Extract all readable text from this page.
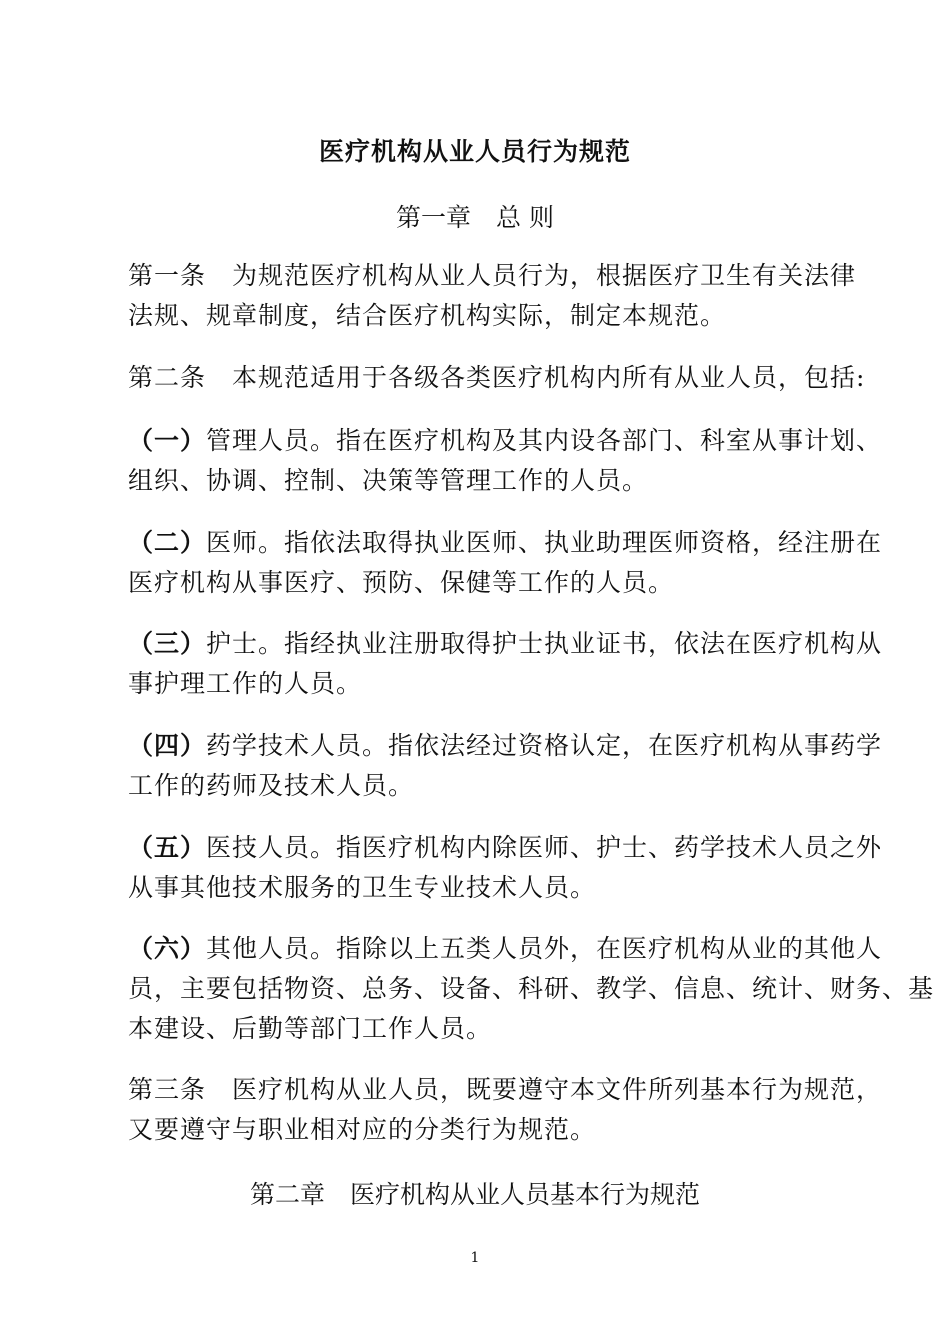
医疗机构从业人员行为规范
第一章　总 则
第一条 为规范医疗机构从业人员行为，根据医疗卫生有关法律
法规、规章制度，结合医疗机构实际，制定本规范。
第二条 本规范适用于各级各类医疗机构内所有从业人员，包括:
（一）管理人员。指在医疗机构及其内设各部门、科室从事计划、
组织、协调、控制、决策等管理工作的人员。
（二）医师。指依法取得执业医师、执业助理医师资格，经注册在
医疗机构从事医疗、预防、保健等工作的人员。
（三）护士。指经执业注册取得护士执业证书，依法在医疗机构从
事护理工作的人员。
（四）药学技术人员。指依法经过资格认定，在医疗机构从事药学
工作的药师及技术人员。
（五）医技人员。指医疗机构内除医师、护士、药学技术人员之外
从事其他技术服务的卫生专业技术人员。
（六）其他人员。指除以上五类人员外，在医疗机构从业的其他人
员，主要包括物资、总务、设备、科研、教学、信息、统计、财务、基
本建设、后勤等部门工作人员。
第三条 医疗机构从业人员，既要遵守本文件所列基本行为规范，
又要遵守与职业相对应的分类行为规范。
第二章　医疗机构从业人员基本行为规范
1
